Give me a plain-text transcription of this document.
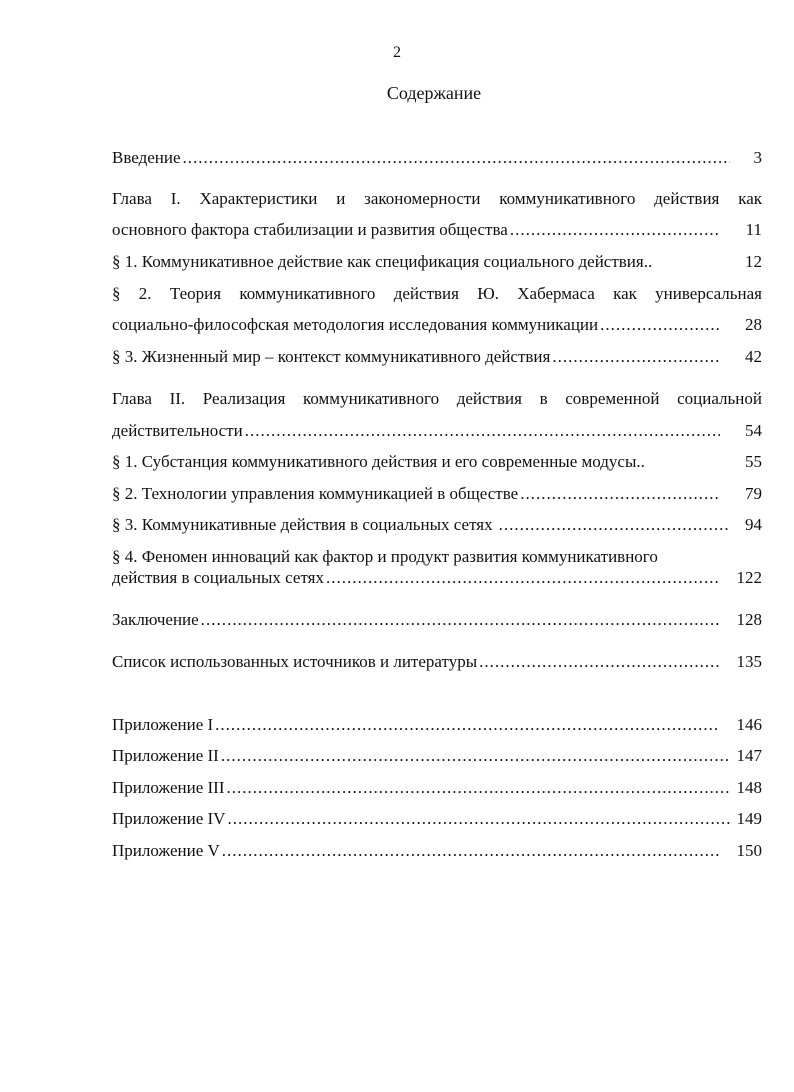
2
Содержание
Введение .....	3
Глава I. Характеристики и закономерности коммуникативного действия как
основного фактора стабилизации и развития общества .....	11
§ 1. Коммуникативное действие как спецификация социального действия..	12
§ 2. Теория коммуникативного действия Ю. Хабермаса как универсальная
социально-философская методология исследования коммуникации .....	28
§ 3. Жизненный мир – контекст коммуникативного действия .....	42
Глава II. Реализация коммуникативного действия в современной социальной
действительности .....	54
§ 1. Субстанция коммуникативного действия и его современные модусы..	55
§ 2. Технологии управления коммуникацией в обществе .....	79
§ 3. Коммуникативные действия в социальных сетях .....	94
§ 4. Феномен инноваций как фактор и продукт развития коммуникативного
действия в социальных сетях .....	122
Заключение .....	128
Список использованных источников и литературы .....	135
Приложение I .....	146
Приложение II .....	147
Приложение III .....	148
Приложение IV .....	149
Приложение V .....	150
